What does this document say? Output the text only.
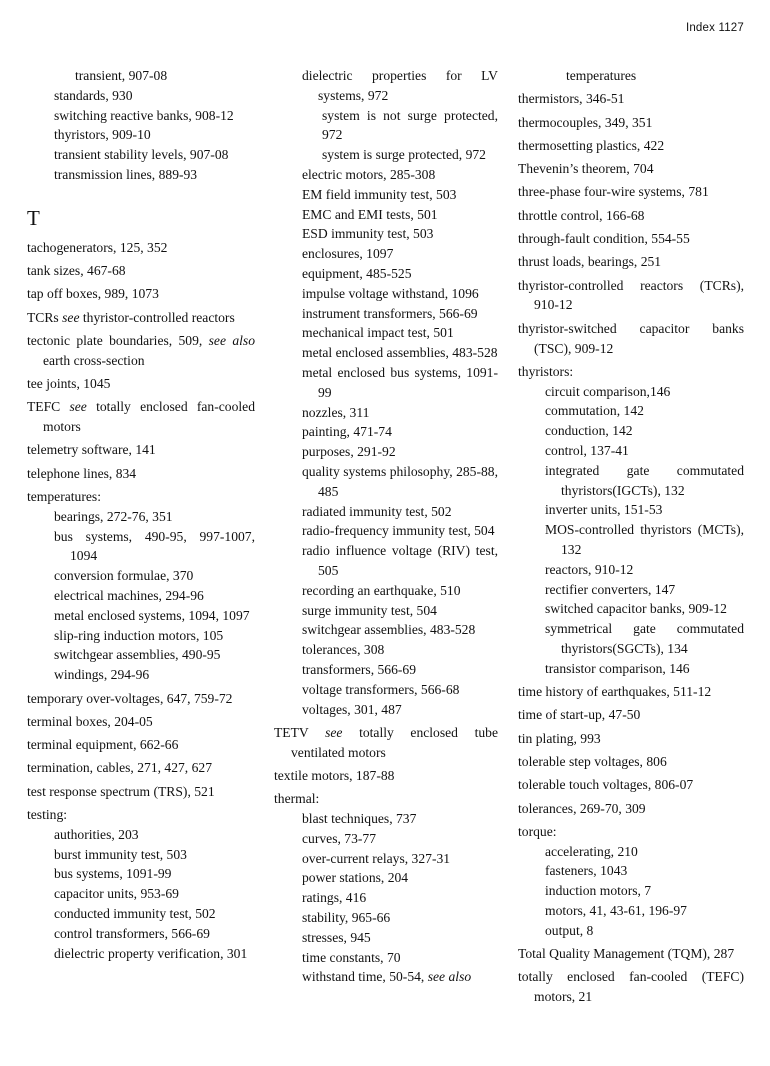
Index 1127
transient, 907-08
standards, 930
switching reactive banks, 908-12
thyristors, 909-10
transient stability levels, 907-08
transmission lines, 889-93
T
tachogenerators, 125, 352
tank sizes, 467-68
tap off boxes, 989, 1073
TCRs see thyristor-controlled reactors
tectonic plate boundaries, 509, see also earth cross-section
tee joints, 1045
TEFC see totally enclosed fan-cooled motors
telemetry software, 141
telephone lines, 834
temperatures:
bearings, 272-76, 351
bus systems, 490-95, 997-1007, 1094
conversion formulae, 370
electrical machines, 294-96
metal enclosed systems, 1094, 1097
slip-ring induction motors, 105
switchgear assemblies, 490-95
windings, 294-96
temporary over-voltages, 647, 759-72
terminal boxes, 204-05
terminal equipment, 662-66
termination, cables, 271, 427, 627
test response spectrum (TRS), 521
testing:
authorities, 203
burst immunity test, 503
bus systems, 1091-99
capacitor units, 953-69
conducted immunity test, 502
control transformers, 566-69
dielectric property verification, 301
dielectric properties for LV systems, 972
system is not surge protected, 972
system is surge protected, 972
electric motors, 285-308
EM field immunity test, 503
EMC and EMI tests, 501
ESD immunity test, 503
enclosures, 1097
equipment, 485-525
impulse voltage withstand, 1096
instrument transformers, 566-69
mechanical impact test, 501
metal enclosed assemblies, 483-528
metal enclosed bus systems, 1091-99
nozzles, 311
painting, 471-74
purposes, 291-92
quality systems philosophy, 285-88, 485
radiated immunity test, 502
radio-frequency immunity test, 504
radio influence voltage (RIV) test, 505
recording an earthquake, 510
surge immunity test, 504
switchgear assemblies, 483-528
tolerances, 308
transformers, 566-69
voltage transformers, 566-68
voltages, 301, 487
TETV see totally enclosed tube ventilated motors
textile motors, 187-88
thermal:
blast techniques, 737
curves, 73-77
over-current relays, 327-31
power stations, 204
ratings, 416
stability, 965-66
stresses, 945
time constants, 70
withstand time, 50-54, see also
temperatures
thermistors, 346-51
thermocouples, 349, 351
thermosetting plastics, 422
Thevenin’s theorem, 704
three-phase four-wire systems, 781
throttle control, 166-68
through-fault condition, 554-55
thrust loads, bearings, 251
thyristor-controlled reactors (TCRs), 910-12
thyristor-switched capacitor banks (TSC), 909-12
thyristors:
circuit comparison,146
commutation, 142
conduction, 142
control, 137-41
integrated gate commutated thyristors(IGCTs), 132
inverter units, 151-53
MOS-controlled thyristors (MCTs), 132
reactors, 910-12
rectifier converters, 147
switched capacitor banks, 909-12
symmetrical gate commutated thyristors(SGCTs), 134
transistor comparison, 146
time history of earthquakes, 511-12
time of start-up, 47-50
tin plating, 993
tolerable step voltages, 806
tolerable touch voltages, 806-07
tolerances, 269-70, 309
torque:
accelerating, 210
fasteners, 1043
induction motors, 7
motors, 41, 43-61, 196-97
output, 8
Total Quality Management (TQM), 287
totally enclosed fan-cooled (TEFC) motors, 21
